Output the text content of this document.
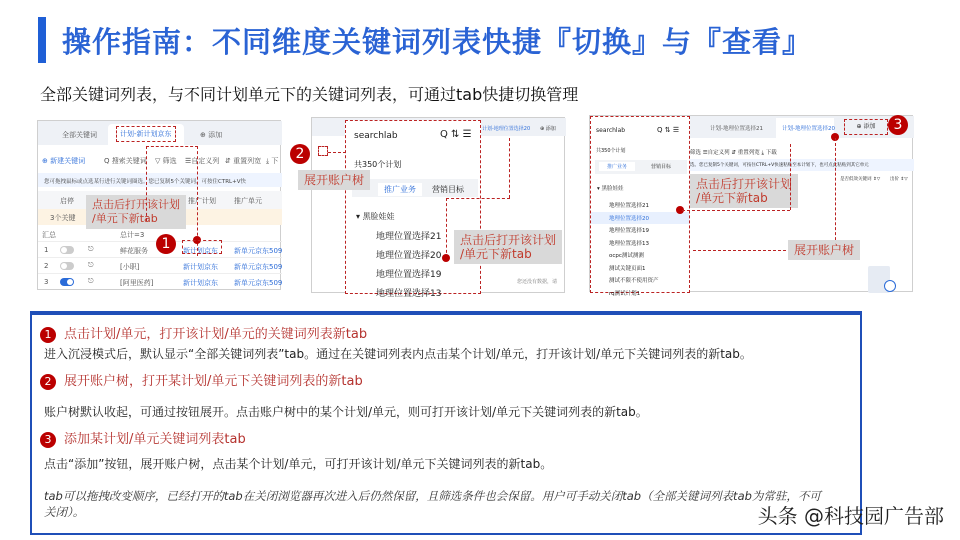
操作指南：不同维度关键词列表快捷『切换』与『查看』
全部关键词列表，与不同计划单元下的关键词列表，可通过tab快捷切换管理
全部关键词	计划-新计划京东	⊕ 添加
⊕ 新建关键词	Q 搜索关键词 ▽ 筛选 ☰自定义列 ⇵ 重置列宽 ⤓ 下
您可拖拽鼠标或点选某行进行关键词圈选。您已复制5个关键词，可按住CTRL+V快
启停	推广计划	推广单元
3个关键
汇总	总计=3
1	⎋	鲜花服务	新计划京东 新单元京东509
2	⎋	[小职]	新计划京东 新单元京东509
3	⎋	[阿里医药]	新计划京东 新单元京东509
点击后打开该计划
/单元下新tab
1
计划-地理位置选择20 ⊕ 添加
您还没有数据，请
searchlab	Q ⇅ ☰
共350个计划
推广业务	营销目标
▾ 黑脸娃娃
地理位置选择21
地理位置选择20
地理位置选择19
地理位置选择13
展开账户树
2
点击后打开该计划
/单元下新tab
计划-地理位置选择21	计划-地理位置选择20	⊕ 添加	3
筛选 ☰自定义列 ⇵ 重置列宽 ⤓ 下载
选。您已复制5个关键词，可按住CTRL+V快速粘贴至本计划下，也可点此粘贴到其它单元
是否低效关键词 ⇕▽ 出价 ⇕▽
searchlab	Q ⇅ ☰
共350个计划
推广业务	营销目标
▾ 黑脸娃娃
地理位置选择21
地理位置选择20
地理位置选择19
地理位置选择13
ocpc测试测测
测试关键页面1
测试不限不使用资产
rq测试计划1
点击后打开该计划
/单元下新tab
展开账户树
1 点击计划/单元，打开该计划/单元的关键词列表新tab
进入沉浸模式后，默认显示“全部关键词列表”tab。通过在关键词列表内点击某个计划/单元，打开该计划/单元下关键词列表的新tab。
2 展开账户树，打开某计划/单元下关键词列表的新tab
账户树默认收起，可通过按钮展开。点击账户树中的某个计划/单元，则可打开该计划/单元下关键词列表的新tab。
3 添加某计划/单元关键词列表tab
点击“添加”按钮，展开账户树，点击某个计划/单元，可打开该计划/单元下关键词列表的新tab。
tab可以拖拽改变顺序，已经打开的tab在关闭浏览器再次进入后仍然保留，且筛选条件也会保留。用户可手动关闭tab（全部关键词列表tab为常驻，不可关闭）。	头条 @科技园广告部
